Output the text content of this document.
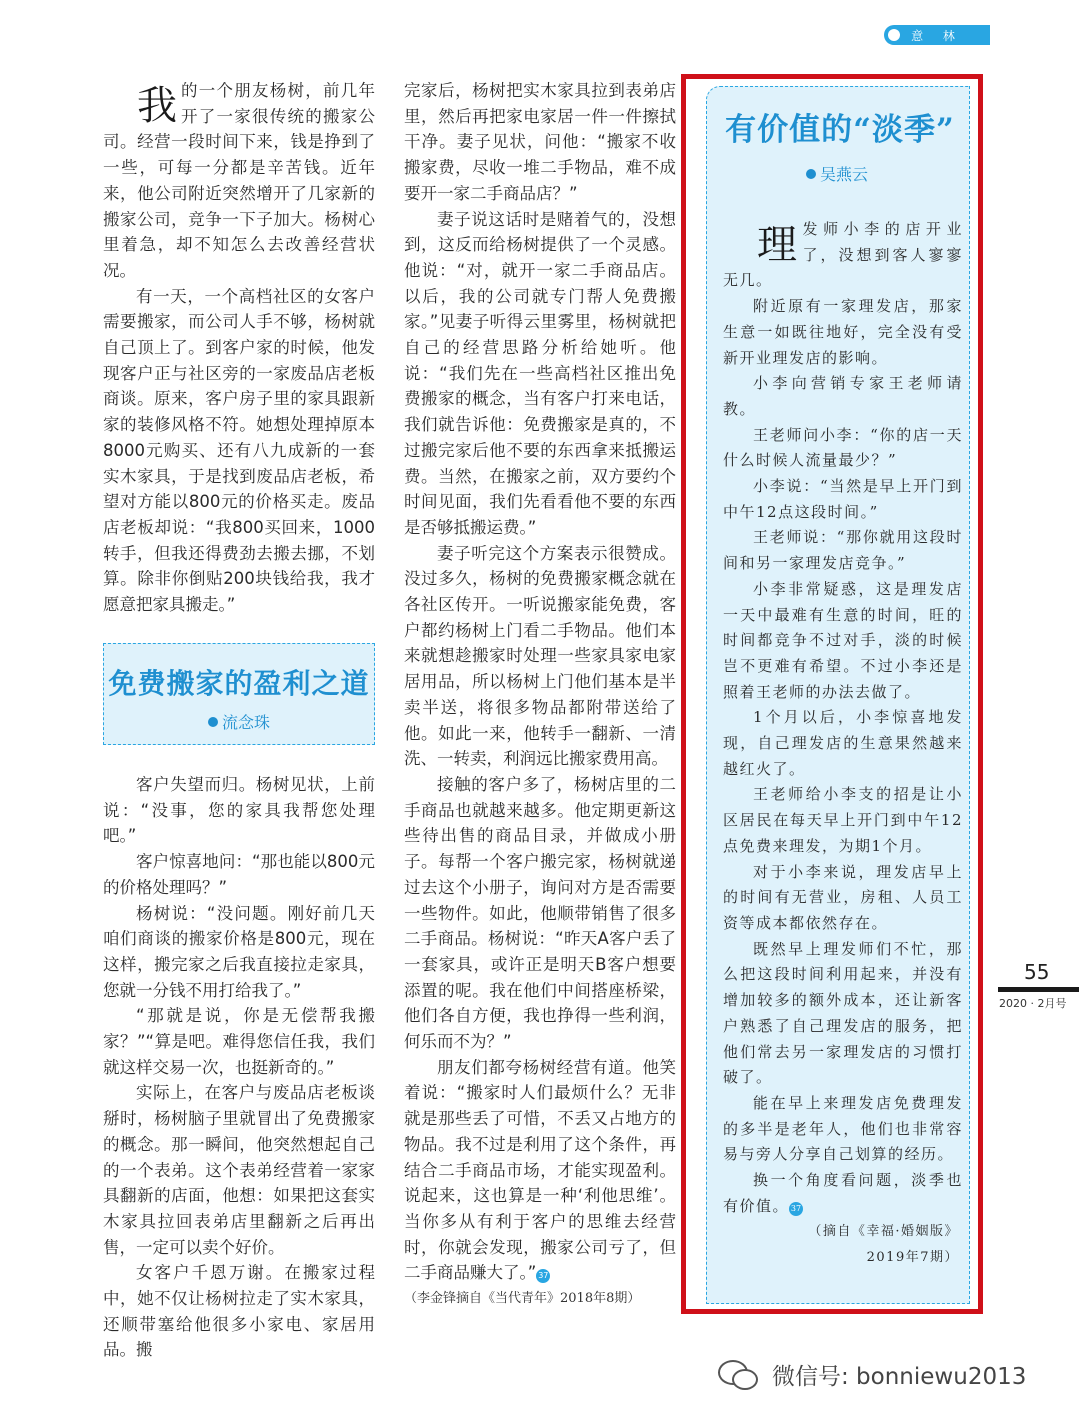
意 林

我的一个朋友杨树，前几年开了一家很传统的搬家公司。经营一段时间下来，钱是挣到了一些，可每一分都是辛苦钱。近年来，他公司附近突然增开了几家新的搬家公司，竞争一下子加大。杨树心里着急，却不知怎么去改善经营状况。

有一天，一个高档社区的女客户需要搬家，而公司人手不够，杨树就自己顶上了。到客户家的时候，他发现客户正与社区旁的一家废品店老板商谈。原来，客户房子里的家具跟新家的装修风格不符。她想处理掉原本8000元购买、还有八九成新的一套实木家具，于是找到废品店老板，希望对方能以800元的价格买走。废品店老板却说：“我800买回来，1000转手，但我还得费劲去搬去挪，不划算。除非你倒贴200块钱给我，我才愿意把家具搬走。”

免费搬家的盈利之道
流念珠

客户失望而归。杨树见状，上前说：“没事，您的家具我帮您处理吧。”

客户惊喜地问：“那也能以800元的价格处理吗？”

杨树说：“没问题。刚好前几天咱们商谈的搬家价格是800元，现在这样，搬完家之后我直接拉走家具，您就一分钱不用打给我了。”

“那就是说，你是无偿帮我搬家？”“算是吧。难得您信任我，我们就这样交易一次，也挺新奇的。”

实际上，在客户与废品店老板谈掰时，杨树脑子里就冒出了免费搬家的概念。那一瞬间，他突然想起自己的一个表弟。这个表弟经营着一家家具翻新的店面，他想：如果把这套实木家具拉回表弟店里翻新之后再出售，一定可以卖个好价。

女客户千恩万谢。在搬家过程中，她不仅让杨树拉走了实木家具，还顺带塞给他很多小家电、家居用品。搬

完家后，杨树把实木家具拉到表弟店里，然后再把家电家居一件一件擦拭干净。妻子见状，问他：“搬家不收搬家费，尽收一堆二手物品，难不成要开一家二手商品店？”

妻子说这话时是赌着气的，没想到，这反而给杨树提供了一个灵感。他说：“对，就开一家二手商品店。以后，我的公司就专门帮人免费搬家。”见妻子听得云里雾里，杨树就把自己的经营思路分析给她听。他说：“我们先在一些高档社区推出免费搬家的概念，当有客户打来电话，我们就告诉他：免费搬家是真的，不过搬完家后他不要的东西拿来抵搬运费。当然，在搬家之前，双方要约个时间见面，我们先看看他不要的东西是否够抵搬运费。”

妻子听完这个方案表示很赞成。没过多久，杨树的免费搬家概念就在各社区传开。一听说搬家能免费，客户都约杨树上门看二手物品。他们本来就想趁搬家时处理一些家具家电家居用品，所以杨树上门他们基本是半卖半送，将很多物品都附带送给了他。如此一来，他转手一翻新、一清洗、一转卖，利润远比搬家费用高。

接触的客户多了，杨树店里的二手商品也就越来越多。他定期更新这些待出售的商品目录，并做成小册子。每帮一个客户搬完家，杨树就递过去这个小册子，询问对方是否需要一些物件。如此，他顺带销售了很多二手商品。杨树说：“昨天A客户丢了一套家具，或许正是明天B客户想要添置的呢。我在他们中间搭座桥梁，他们各自方便，我也挣得一些利润，何乐而不为？”

朋友们都夸杨树经营有道。他笑着说：“搬家时人们最烦什么？无非就是那些丢了可惜，不丢又占地方的物品。我不过是利用了这个条件，再结合二手商品市场，才能实现盈利。说起来，这也算是一种‘利他思维’。当你多从有利于客户的思维去经营时，你就会发现，搬家公司亏了，但二手商品赚大了。” 37

（李金锋摘自《当代青年》2018年8期）

有价值的“淡季”
吴燕云

理发师小李的店开业了，没想到客人寥寥无几。

附近原有一家理发店，那家生意一如既往地好，完全没有受新开业理发店的影响。

小李向营销专家王老师请教。

王老师问小李：“你的店一天什么时候人流量最少？”

小李说：“当然是早上开门到中午12点这段时间。”

王老师说：“那你就用这段时间和另一家理发店竞争。”

小李非常疑惑，这是理发店一天中最难有生意的时间，旺的时间都竞争不过对手，淡的时候岂不更难有希望。不过小李还是照着王老师的办法去做了。

1个月以后，小李惊喜地发现，自己理发店的生意果然越来越红火了。

王老师给小李支的招是让小区居民在每天早上开门到中午12点免费来理发，为期1个月。

对于小李来说，理发店早上的时间有无营业，房租、人员工资等成本都依然存在。

既然早上理发师们不忙，那么把这段时间利用起来，并没有增加较多的额外成本，还让新客户熟悉了自己理发店的服务，把他们常去另一家理发店的习惯打破了。

能在早上来理发店免费理发的多半是老年人，他们也非常容易与旁人分享自己划算的经历。

换一个角度看问题，淡季也有价值。 37

（摘自《幸福·婚姻版》

2019年7期）

55
2020 · 2月号
微信号: bonniewu2013
